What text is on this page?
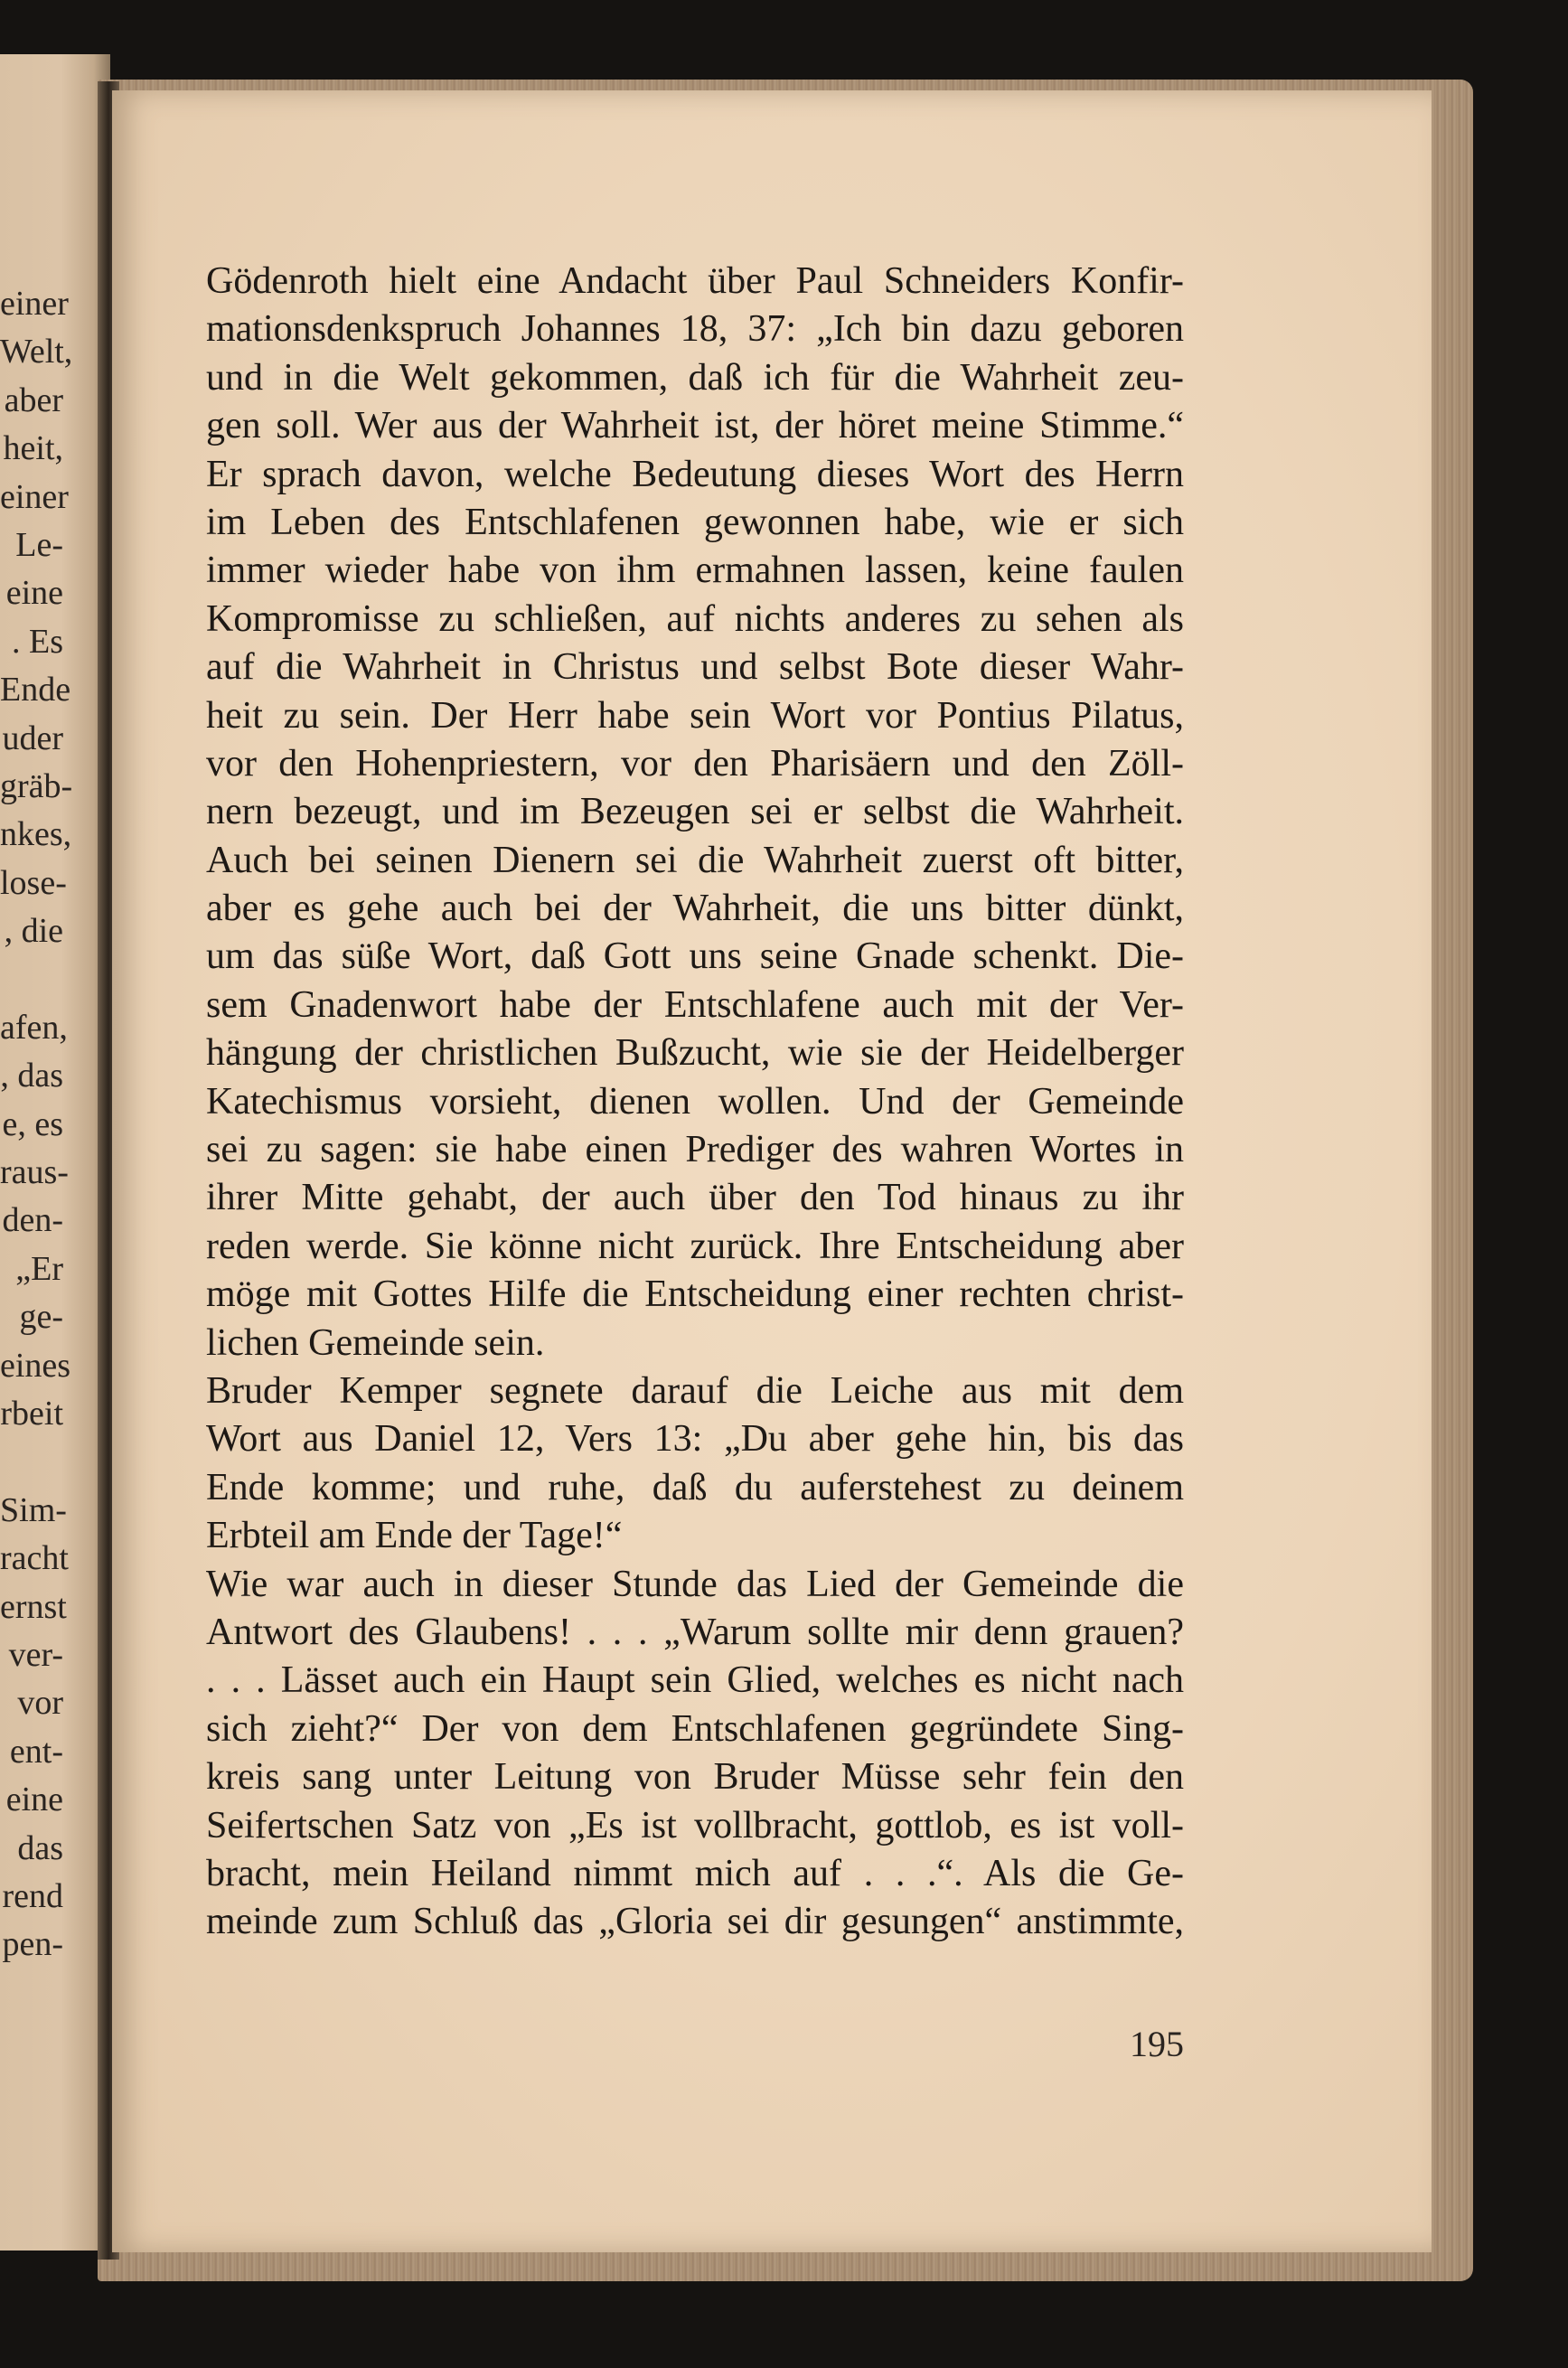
einer
Welt,
aber
heit,
einer
Le-
eine
. Es
Ende
uder
gräb-
nkes,
lose-
, die
afen,
, das
e, es
raus-
den-
„Er
ge-
eines
rbeit
Sim-
racht
ernst
ver-
vor
ent-
eine
das
rend
pen-
Gödenroth hielt eine Andacht über Paul Schneiders Konfir-
mationsdenkspruch Johannes 18, 37: „Ich bin dazu geboren
und in die Welt gekommen, daß ich für die Wahrheit zeu-
gen soll. Wer aus der Wahrheit ist, der höret meine Stimme.“
Er sprach davon, welche Bedeutung dieses Wort des Herrn
im Leben des Entschlafenen gewonnen habe, wie er sich
immer wieder habe von ihm ermahnen lassen, keine faulen
Kompromisse zu schließen, auf nichts anderes zu sehen als
auf die Wahrheit in Christus und selbst Bote dieser Wahr-
heit zu sein. Der Herr habe sein Wort vor Pontius Pilatus,
vor den Hohenpriestern, vor den Pharisäern und den Zöll-
nern bezeugt, und im Bezeugen sei er selbst die Wahrheit.
Auch bei seinen Dienern sei die Wahrheit zuerst oft bitter,
aber es gehe auch bei der Wahrheit, die uns bitter dünkt,
um das süße Wort, daß Gott uns seine Gnade schenkt. Die-
sem Gnadenwort habe der Entschlafene auch mit der Ver-
hängung der christlichen Bußzucht, wie sie der Heidelberger
Katechismus vorsieht, dienen wollen. Und der Gemeinde
sei zu sagen: sie habe einen Prediger des wahren Wortes in
ihrer Mitte gehabt, der auch über den Tod hinaus zu ihr
reden werde. Sie könne nicht zurück. Ihre Entscheidung aber
möge mit Gottes Hilfe die Entscheidung einer rechten christ-
lichen Gemeinde sein.
Bruder Kemper segnete darauf die Leiche aus mit dem
Wort aus Daniel 12, Vers 13: „Du aber gehe hin, bis das
Ende komme; und ruhe, daß du auferstehest zu deinem
Erbteil am Ende der Tage!“
Wie war auch in dieser Stunde das Lied der Gemeinde die
Antwort des Glaubens! . . . „Warum sollte mir denn grauen?
. . . Lässet auch ein Haupt sein Glied, welches es nicht nach
sich zieht?“ Der von dem Entschlafenen gegründete Sing-
kreis sang unter Leitung von Bruder Müsse sehr fein den
Seifertschen Satz von „Es ist vollbracht, gottlob, es ist voll-
bracht, mein Heiland nimmt mich auf . . .“. Als die Ge-
meinde zum Schluß das „Gloria sei dir gesungen“ anstimmte,
195
